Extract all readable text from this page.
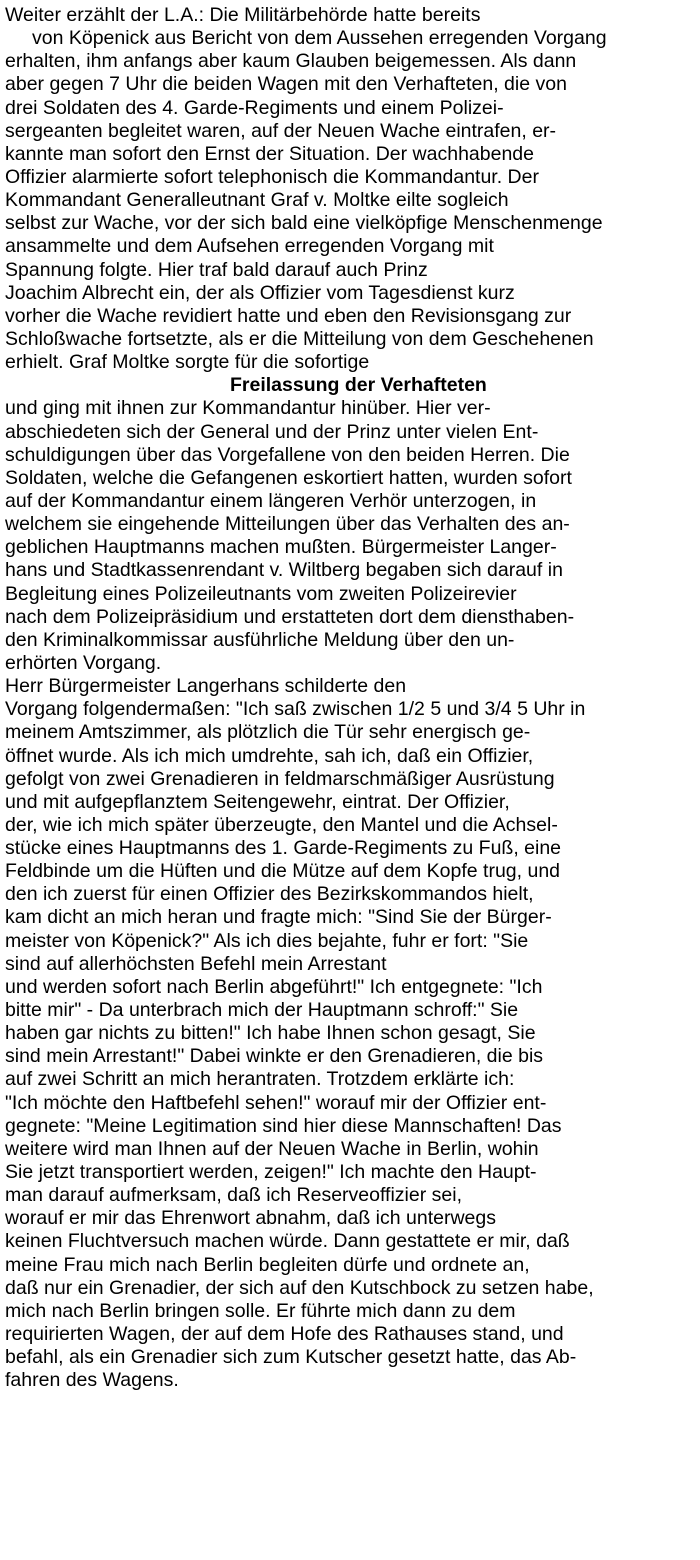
Weiter erzählt der L.A.: Die Militärbehörde hatte bereits
von Köpenick aus Bericht von dem Aussehen erregenden Vorgang
erhalten, ihm anfangs aber kaum Glauben beigemessen. Als dann
aber gegen 7 Uhr die beiden Wagen mit den Verhafteten, die von
drei Soldaten des 4. Garde-Regiments und einem Polizei-
sergeanten begleitet waren, auf der Neuen Wache eintrafen, er-
kannte man sofort den Ernst der Situation. Der wachhabende
Offizier alarmierte sofort telephonisch die Kommandantur. Der
Kommandant Generalleutnant Graf v. Moltke eilte sogleich
selbst zur Wache, vor der sich bald eine vielköpfige Menschenmenge
ansammelte und dem Aufsehen erregenden Vorgang mit
Spannung folgte. Hier traf bald darauf auch Prinz
Joachim Albrecht ein, der als Offizier vom Tagesdienst kurz
vorher die Wache revidiert hatte und eben den Revisionsgang zur
Schloßwache fortsetzte, als er die Mitteilung von dem Geschehenen
erhielt. Graf Moltke sorgte für die sofortige
Freilassung der Verhafteten
und ging mit ihnen zur Kommandantur hinüber. Hier ver-
abschiedeten sich der General und der Prinz unter vielen Ent-
schuldigungen über das Vorgefallene von den beiden Herren. Die
Soldaten, welche die Gefangenen eskortiert hatten, wurden sofort
auf der Kommandantur einem längeren Verhör unterzogen, in
welchem sie eingehende Mitteilungen über das Verhalten des an-
geblichen Hauptmanns machen mußten. Bürgermeister Langer-
hans und Stadtkassenrendant v. Wiltberg begaben sich darauf in
Begleitung eines Polizeileutnants vom zweiten Polizeirevier
nach dem Polizeipräsidium und erstatteten dort dem diensthaben-
den Kriminalkommissar ausführliche Meldung über den un-
erhörten Vorgang.
Herr Bürgermeister Langerhans schilderte den
Vorgang folgendermaßen: "Ich saß zwischen 1/2 5 und 3/4 5 Uhr in
meinem Amtszimmer, als plötzlich die Tür sehr energisch ge-
öffnet wurde. Als ich mich umdrehte, sah ich, daß ein Offizier,
gefolgt von zwei Grenadieren in feldmarschmäßiger Ausrüstung
und mit aufgepflanztem Seitengewehr, eintrat. Der Offizier,
der, wie ich mich später überzeugte, den Mantel und die Achsel-
stücke eines Hauptmanns des 1. Garde-Regiments zu Fuß, eine
Feldbinde um die Hüften und die Mütze auf dem Kopfe trug, und
den ich zuerst für einen Offizier des Bezirkskommandos hielt,
kam dicht an mich heran und fragte mich: "Sind Sie der Bürger-
meister von Köpenick?" Als ich dies bejahte, fuhr er fort: "Sie
sind auf allerhöchsten Befehl mein Arrestant
und werden sofort nach Berlin abgeführt!" Ich entgegnete: "Ich
bitte mir" - Da unterbrach mich der Hauptmann schroff:" Sie
haben gar nichts zu bitten!" Ich habe Ihnen schon gesagt, Sie
sind mein Arrestant!" Dabei winkte er den Grenadieren, die bis
auf zwei Schritt an mich herantraten. Trotzdem erklärte ich:
"Ich möchte den Haftbefehl sehen!" worauf mir der Offizier ent-
gegnete: "Meine Legitimation sind hier diese Mannschaften! Das
weitere wird man Ihnen auf der Neuen Wache in Berlin, wohin
Sie jetzt transportiert werden, zeigen!" Ich machte den Haupt-
man darauf aufmerksam, daß ich Reserveoffizier sei,
worauf er mir das Ehrenwort abnahm, daß ich unterwegs
keinen Fluchtversuch machen würde. Dann gestattete er mir, daß
meine Frau mich nach Berlin begleiten dürfe und ordnete an,
daß nur ein Grenadier, der sich auf den Kutschbock zu setzen habe,
mich nach Berlin bringen solle. Er führte mich dann zu dem
requirierten Wagen, der auf dem Hofe des Rathauses stand, und
befahl, als ein Grenadier sich zum Kutscher gesetzt hatte, das Ab-
fahren des Wagens.
